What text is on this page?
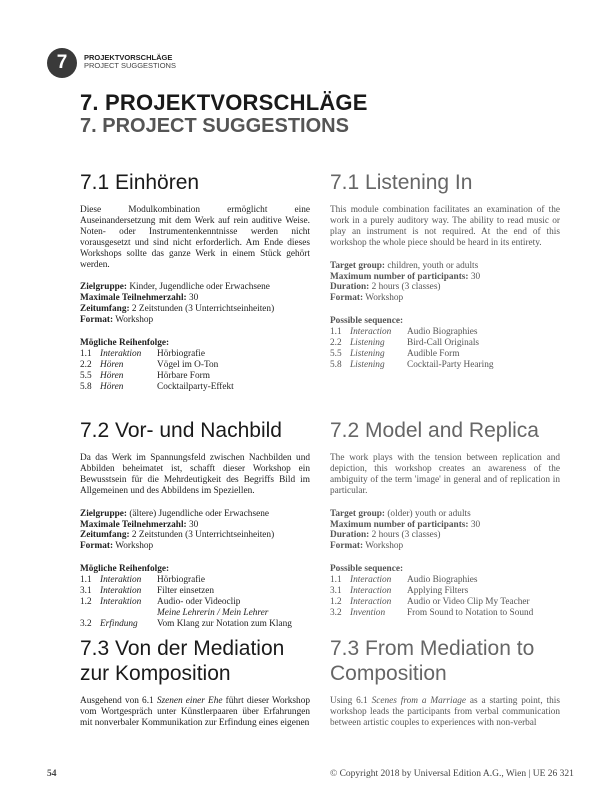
7	PROJEKTVORSCHLÄGE
PROJECT SUGGESTIONS
7. PROJEKTVORSCHLÄGE
7. PROJECT SUGGESTIONS
7.1 Einhören

Diese Modulkombination ermöglicht eine Auseinandersetzung mit dem Werk auf rein auditive Weise. Noten- oder Instrumentenkenntnisse werden nicht vorausgesetzt und sind nicht erforderlich. Am Ende dieses Workshops sollte das ganze Werk in einem Stück gehört werden.

Zielgruppe: Kinder, Jugendliche oder Erwachsene
Maximale Teilnehmerzahl: 30
Zeitumfang: 2 Zeitstunden (3 Unterrichtseinheiten)
Format: Workshop
Mögliche Reihenfolge:
1.1	Interaktion	Hörbiografie
2.2	Hören	Vögel im O-Ton
5.5	Hören	Hörbare Form
5.8	Hören	Cocktailparty-Effekt
7.1 Listening In

This module combination facilitates an examination of the work in a purely auditory way. The ability to read music or play an instrument is not required. At the end of this workshop the whole piece should be heard in its entirety.

Target group: children, youth or adults
Maximum number of participants: 30
Duration: 2 hours (3 classes)
Format: Workshop
Possible sequence:
1.1	Interaction	Audio Biographies
2.2	Listening	Bird-Call Originals
5.5	Listening	Audible Form
5.8	Listening	Cocktail-Party Hearing
7.2 Vor- und Nachbild

Da das Werk im Spannungsfeld zwischen Nachbilden und Abbilden beheimatet ist, schafft dieser Workshop ein Bewusstsein für die Mehrdeutigkeit des Begriffs Bild im Allgemeinen und des Abbildens im Speziellen.

Zielgruppe: (ältere) Jugendliche oder Erwachsene
Maximale Teilnehmerzahl: 30
Zeitumfang: 2 Zeitstunden (3 Unterrichtseinheiten)
Format: Workshop
Mögliche Reihenfolge:
1.1	Interaktion	Hörbiografie
3.1	Interaktion	Filter einsetzen
1.2	Interaktion	Audio- oder Videoclip
		Meine Lehrerin / Mein Lehrer
3.2	Erfindung	Vom Klang zur Notation zum Klang
7.2 Model and Replica

The work plays with the tension between replication and depiction, this workshop creates an awareness of the ambiguity of the term 'image' in general and of replication in particular.

Target group: (older) youth or adults
Maximum number of participants: 30
Duration: 2 hours (3 classes)
Format: Workshop
Possible sequence:
1.1	Interaction	Audio Biographies
3.1	Interaction	Applying Filters
1.2	Interaction	Audio or Video Clip My Teacher
3.2	Invention	From Sound to Notation to Sound
7.3 Von der Mediation zur Komposition

Ausgehend von 6.1 Szenen einer Ehe führt dieser Workshop vom Wortgespräch unter Künstlerpaaren über Erfahrungen mit nonverbaler Kommunikation zur Erfindung eines eigenen

7.3 From Mediation to Composition

Using 6.1 Scenes from a Marriage as a starting point, this workshop leads the participants from verbal communication between artistic couples to experiences with non-verbal

54	© Copyright 2018 by Universal Edition A.G., Wien | UE 26 321
